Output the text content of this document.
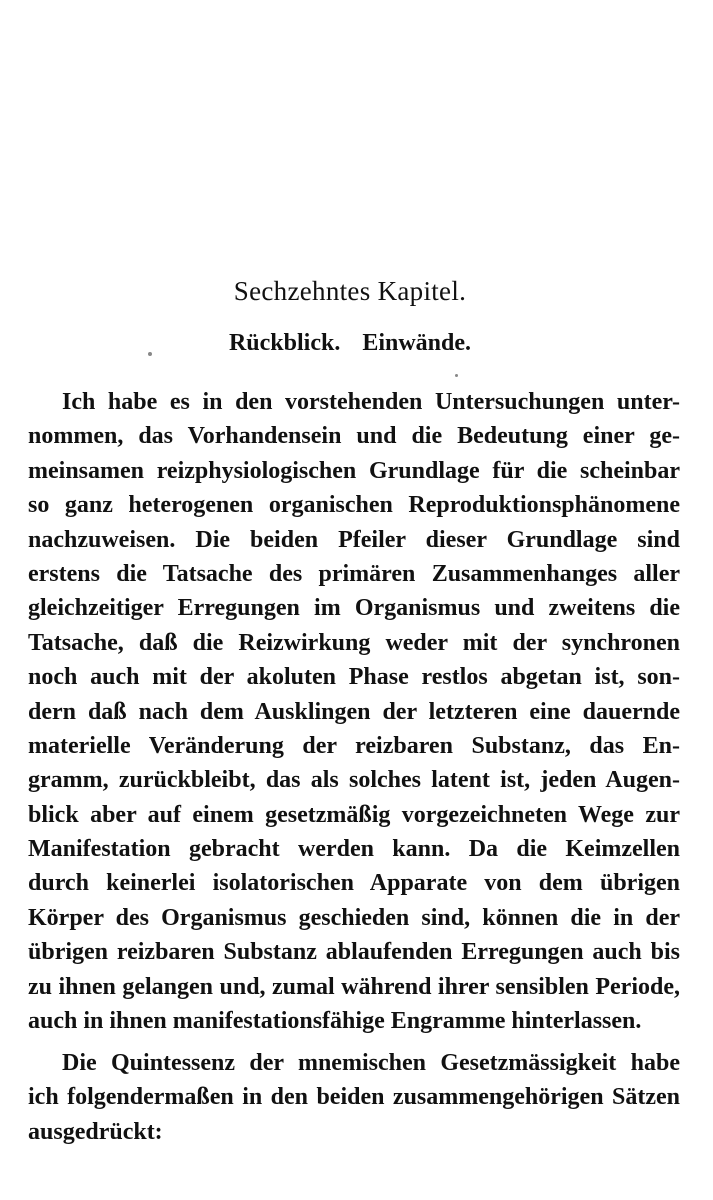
Sechzehntes Kapitel.
Rückblick. Einwände.
Ich habe es in den vorstehenden Untersuchungen unter-
nommen, das Vorhandensein und die Bedeutung einer ge-
meinsamen reizphysiologischen Grundlage für die scheinbar
so ganz heterogenen organischen Reproduktionsphänomene
nachzuweisen. Die beiden Pfeiler dieser Grundlage sind
erstens die Tatsache des primären Zusammenhanges aller
gleichzeitiger Erregungen im Organismus und zweitens die
Tatsache, daß die Reizwirkung weder mit der synchronen
noch auch mit der akoluten Phase restlos abgetan ist, son-
dern daß nach dem Ausklingen der letzteren eine dauernde
materielle Veränderung der reizbaren Substanz, das En-
gramm, zurückbleibt, das als solches latent ist, jeden Augen-
blick aber auf einem gesetzmäßig vorgezeichneten Wege zur
Manifestation gebracht werden kann. Da die Keimzellen
durch keinerlei isolatorischen Apparate von dem übrigen
Körper des Organismus geschieden sind, können die in der
übrigen reizbaren Substanz ablaufenden Erregungen auch bis
zu ihnen gelangen und, zumal während ihrer sensiblen Periode,
auch in ihnen manifestationsfähige Engramme hinterlassen.
Die Quintessenz der mnemischen Gesetzmässigkeit habe
ich folgendermaßen in den beiden zusammengehörigen Sätzen
ausgedrückt:
